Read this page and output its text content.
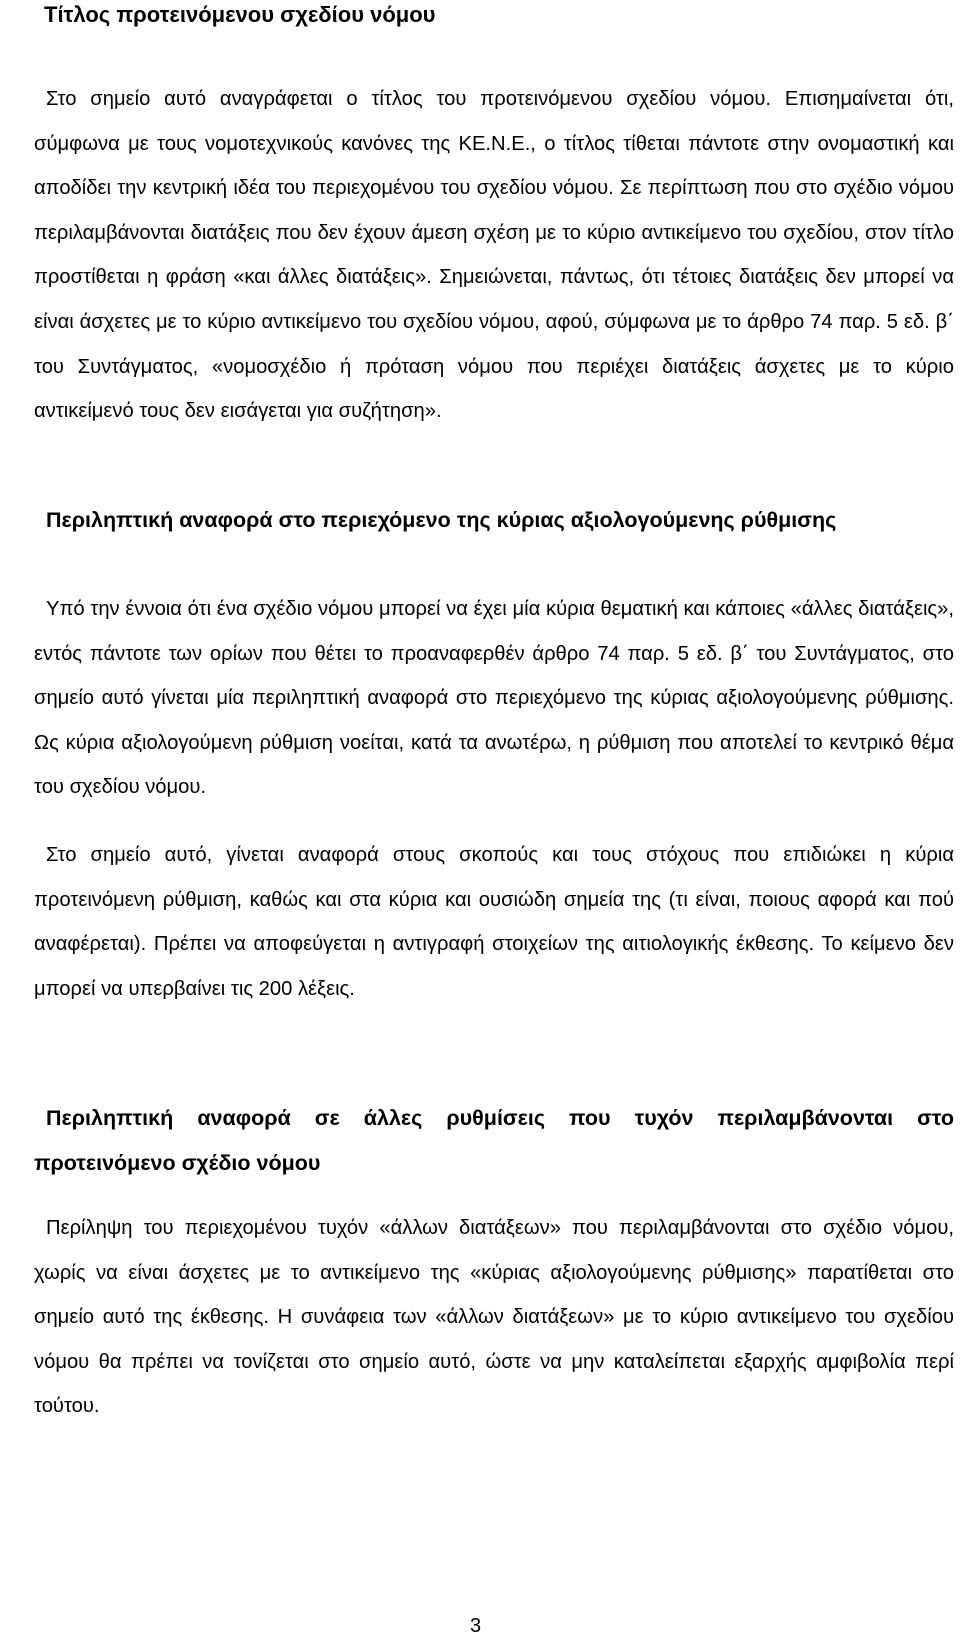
Τίτλος προτεινόμενου σχεδίου νόμου

Στο σημείο αυτό αναγράφεται ο τίτλος του προτεινόμενου σχεδίου νόμου. Επισημαίνεται ότι, σύμφωνα με τους νομοτεχνικούς κανόνες της ΚΕ.Ν.Ε., ο τίτλος τίθεται πάντοτε στην ονομαστική και αποδίδει την κεντρική ιδέα του περιεχομένου του σχεδίου νόμου. Σε περίπτωση που στο σχέδιο νόμου περιλαμβάνονται διατάξεις που δεν έχουν άμεση σχέση με το κύριο αντικείμενο του σχεδίου, στον τίτλο προστίθεται η φράση «και άλλες διατάξεις». Σημειώνεται, πάντως, ότι τέτοιες διατάξεις δεν μπορεί να είναι άσχετες με το κύριο αντικείμενο του σχεδίου νόμου, αφού, σύμφωνα με το άρθρο 74 παρ. 5 εδ. β΄ του Συντάγματος, «νομοσχέδιο ή πρόταση νόμου που περιέχει διατάξεις άσχετες με το κύριο αντικείμενό τους δεν εισάγεται για συζήτηση».

Περιληπτική αναφορά στο περιεχόμενο της κύριας αξιολογούμενης ρύθμισης

Υπό την έννοια ότι ένα σχέδιο νόμου μπορεί να έχει μία κύρια θεματική και κάποιες «άλλες διατάξεις», εντός πάντοτε των ορίων που θέτει το προαναφερθέν άρθρο 74 παρ. 5 εδ. β΄ του Συντάγματος, στο σημείο αυτό γίνεται μία περιληπτική αναφορά στο περιεχόμενο της κύριας αξιολογούμενης ρύθμισης. Ως κύρια αξιολογούμενη ρύθμιση νοείται, κατά τα ανωτέρω, η ρύθμιση που αποτελεί το κεντρικό θέμα του σχεδίου νόμου.

Στο σημείο αυτό, γίνεται αναφορά στους σκοπούς και τους στόχους που επιδιώκει η κύρια προτεινόμενη ρύθμιση, καθώς και στα κύρια και ουσιώδη σημεία της (τι είναι, ποιους αφορά και πού αναφέρεται). Πρέπει να αποφεύγεται η αντιγραφή στοιχείων της αιτιολογικής έκθεσης. Το κείμενο δεν μπορεί να υπερβαίνει τις 200 λέξεις.

Περιληπτική αναφορά σε άλλες ρυθμίσεις που τυχόν περιλαμβάνονται στο προτεινόμενο σχέδιο νόμου

Περίληψη του περιεχομένου τυχόν «άλλων διατάξεων» που περιλαμβάνονται στο σχέδιο νόμου, χωρίς να είναι άσχετες με το αντικείμενο της «κύριας αξιολογούμενης ρύθμισης» παρατίθεται στο σημείο αυτό της έκθεσης. Η συνάφεια των «άλλων διατάξεων» με το κύριο αντικείμενο του σχεδίου νόμου θα πρέπει να τονίζεται στο σημείο αυτό, ώστε να μην καταλείπεται εξαρχής αμφιβολία περί τούτου.

3
